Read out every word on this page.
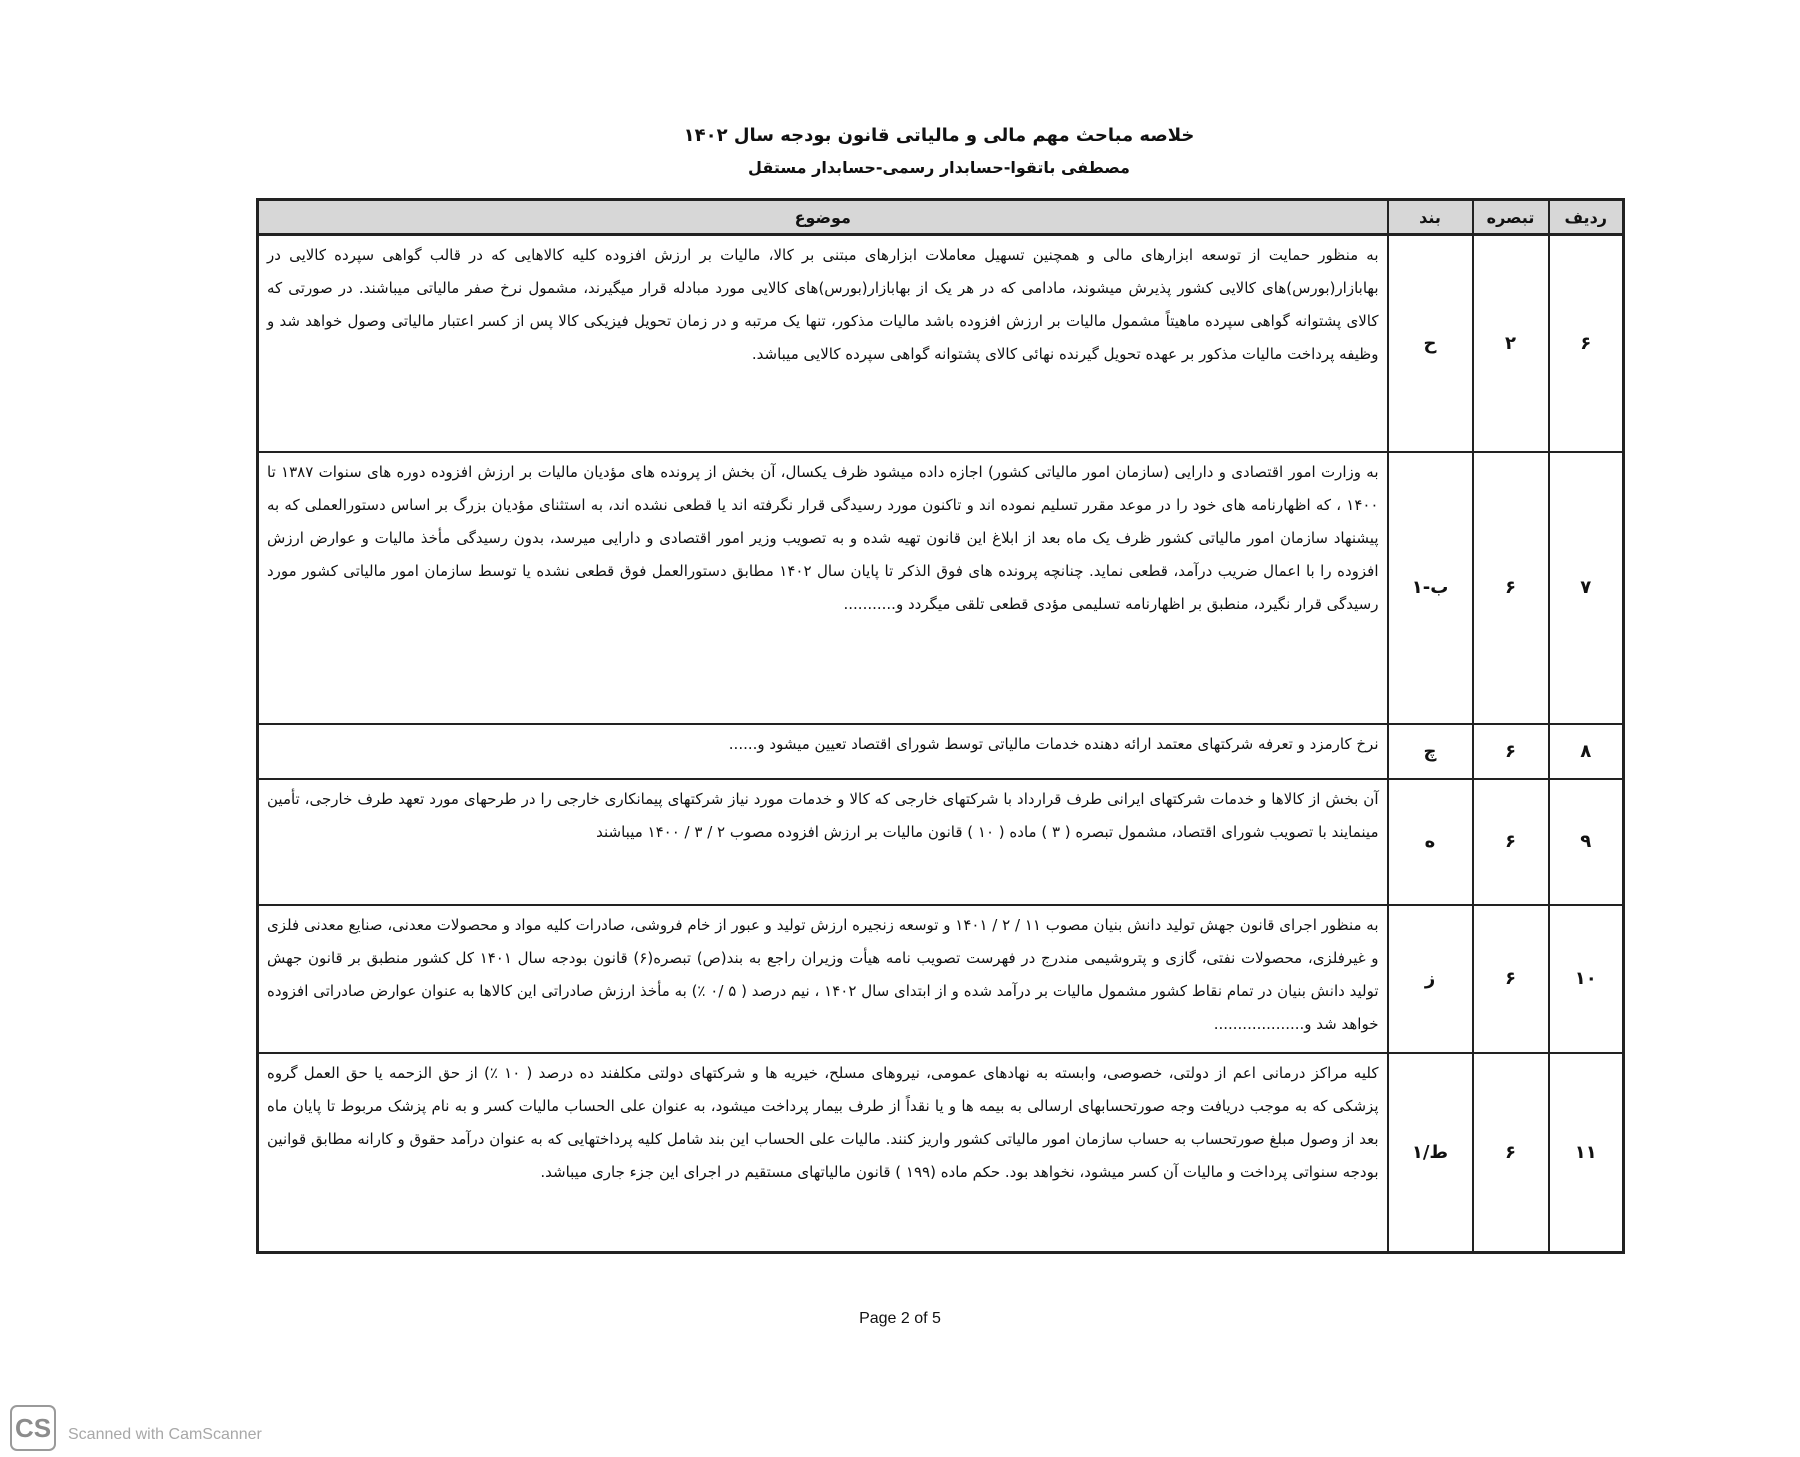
خلاصه مباحث مهم مالی و مالیاتی قانون بودجه سال ۱۴۰۲
مصطفی باتقوا-حسابدار رسمی-حسابدار مستقل
ردیف	تبصره	بند	موضوع
۶	۲	ح	به منظور حمایت از توسعه ابزارهای مالی و همچنین تسهیل معاملات ابزارهای مبتنی بر کالا، مالیات بر ارزش افزوده کلیه کالاهایی که در قالب گواهی سپرده کالایی در بهابازار(بورس)های کالایی کشور پذیرش میشوند، مادامی که در هر یک از بهابازار(بورس)های کالایی مورد مبادله قرار میگیرند، مشمول نرخ صفر مالیاتی میباشند. در صورتی که کالای پشتوانه گواهی سپرده ماهیتاً مشمول مالیات بر ارزش افزوده باشد مالیات مذکور، تنها یک مرتبه و در زمان تحویل فیزیکی کالا پس از کسر اعتبار مالیاتی وصول خواهد شد و وظیفه پرداخت مالیات مذکور بر عهده تحویل گیرنده نهائی کالای پشتوانه گواهی سپرده کالایی میباشد.
۷	۶	ب-۱	به وزارت امور اقتصادی و دارایی (سازمان امور مالیاتی کشور) اجازه داده میشود ظرف یکسال، آن بخش از پرونده های مؤدیان مالیات بر ارزش افزوده دوره های سنوات ۱۳۸۷ تا ۱۴۰۰ ، که اظهارنامه های خود را در موعد مقرر تسلیم نموده اند و تاکنون مورد رسیدگی قرار نگرفته اند یا قطعی نشده اند، به استثنای مؤدیان بزرگ بر اساس دستورالعملی که به پیشنهاد سازمان امور مالیاتی کشور ظرف یک ماه بعد از ابلاغ این قانون تهیه شده و به تصویب وزیر امور اقتصادی و دارایی میرسد، بدون رسیدگی مأخذ مالیات و عوارض ارزش افزوده را با اعمال ضریب درآمد، قطعی نماید. چنانچه پرونده های فوق الذکر تا پایان سال ۱۴۰۲ مطابق دستورالعمل فوق قطعی نشده یا توسط سازمان امور مالیاتی کشور مورد رسیدگی قرار نگیرد، منطبق بر اظهارنامه تسلیمی مؤدی قطعی تلقی میگردد و...........
۸	۶	چ	نرخ کارمزد و تعرفه شرکتهای معتمد ارائه دهنده خدمات مالیاتی توسط شورای اقتصاد تعیین میشود و......
۹	۶	ه	آن بخش از کالاها و خدمات شرکتهای ایرانی طرف قرارداد با شرکتهای خارجی که کالا و خدمات مورد نیاز شرکتهای پیمانکاری خارجی را در طرحهای مورد تعهد طرف خارجی، تأمین مینمایند با تصویب شورای اقتصاد، مشمول تبصره ( ۳ ) ماده ( ۱۰ ) قانون مالیات بر ارزش افزوده مصوب ۲ / ۳ / ۱۴۰۰ میباشند
۱۰	۶	ز	به منظور اجرای قانون جهش تولید دانش بنیان مصوب ۱۱ / ۲ / ۱۴۰۱ و توسعه زنجیره ارزش تولید و عبور از خام فروشی، صادرات کلیه مواد و محصولات معدنی، صنایع معدنی فلزی و غیرفلزی، محصولات نفتی، گازی و پتروشیمی مندرج در فهرست تصویب نامه هیأت وزیران راجع به بند(ص) تبصره(۶) قانون بودجه سال ۱۴۰۱ کل کشور منطبق بر قانون جهش تولید دانش بنیان در تمام نقاط کشور مشمول مالیات بر درآمد شده و از ابتدای سال ۱۴۰۲ ، نیم درصد ( ۵ /۰ ٪) به مأخذ ارزش صادراتی این کالاها به عنوان عوارض صادراتی افزوده خواهد شد و...................
۱۱	۶	ط/۱	کلیه مراکز درمانی اعم از دولتی، خصوصی، وابسته به نهادهای عمومی، نیروهای مسلح، خیریه ها و شرکتهای دولتی مکلفند ده درصد ( ۱۰ ٪) از حق الزحمه یا حق العمل گروه پزشکی که به موجب دریافت وجه صورتحسابهای ارسالی به بیمه ها و یا نقداً از طرف بیمار پرداخت میشود، به عنوان علی الحساب مالیات کسر و به نام پزشک مربوط تا پایان ماه بعد از وصول مبلغ صورتحساب به حساب سازمان امور مالیاتی کشور واریز کنند. مالیات علی الحساب این بند شامل کلیه پرداختهایی که به عنوان درآمد حقوق و کارانه مطابق قوانین بودجه سنواتی پرداخت و مالیات آن کسر میشود، نخواهد بود. حکم ماده (۱۹۹ ) قانون مالیاتهای مستقیم در اجرای این جزء جاری میباشد.
Page 2 of 5
CS	Scanned with CamScanner
